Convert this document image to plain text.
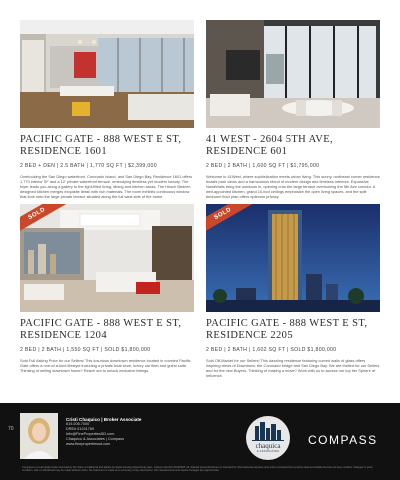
PACIFIC GATE - 888 WEST E ST, RESIDENCE 1601
2 BED + DEN | 2.5 BATH | 1,770 SQ FT | $2,399,000
Overlooking the San Diego waterfront, Coronado Island, and San Diego Bay, Residence 1601 offers 1,770 interior SF and a 12' private waterfront terrace, embodying timeless yet modern beauty. The foyer leads you along a gallery to the light-filled living, dining and kitchen areas. The Hirsch Bedner-designed kitchen merges exquisite detail with rich materials. The room exhibits continuous window that look onto the large private terrace situated along the full west side of the home.
41 WEST - 2604 5TH AVE, RESIDENCE 601
2 BED | 2 BATH | 1,600 SQ FT | $1,795,000
Welcome to 41West, where sophistication meets urban living. This sunny, northeast corner residence boasts park views and a harmonious blend of modern design and timeless interiors. Expansive NanaWalls bring the outdoors in, opening onto the large terrace overlooking the 5th Ave corridor. A well-appointed kitchen, grand 10-foot ceilings emphasize the open living spaces, and the split bedroom floor plan offers optimum privacy.
SOLD
PACIFIC GATE - 888 WEST E ST, RESIDENCE 1204
2 BED | 2 BATH | 1,550 SQ FT | SOLD $1,800,000
Sold Full Asking Price for our Sellers! This luxurious downtown residence located in coveted Pacific Gate offers a one-of-a-kind lifestyle including a private boat slore, luxury car fleet and guest suite. Thinking of selling downtown home? Reach out to unlock exclusive listings.
SOLD
PACIFIC GATE - 888 WEST E ST, RESIDENCE 2205
2 BED | 2 BATH | 1,602 SQ FT | SOLD $1,800,000
Sold Off-Market for our Sellers! This dazzling residence featuring curved walls of glass offers inspiring views of Downtown, the Coronado bridge and San Diego Bay. We are thrilled for our Sellers and for the new Buyers. Thinking of making a move? Work with us to access our top tier Sphere of Influence.
Cristi Chaquico | Broker Associate
619.206.7000
DRE# 01291769
Info@FinePropertiesSD.com
Chaquico & Associates | Compass
www.finepropertiessd.com	chaquica
& ASSOCIATES
COMPASS
70
Compass is a real estate broker licensed by the State of California and abides by Equal Housing Opportunity laws. License Number 01991628. All material presented herein is intended for informational purposes only and is compiled from sources deemed reliable but has not been verified. Changes in price, condition, sale or withdrawal may be made without notice. No statement is made as to accuracy of any description. All measurements and square footages are approximate.
